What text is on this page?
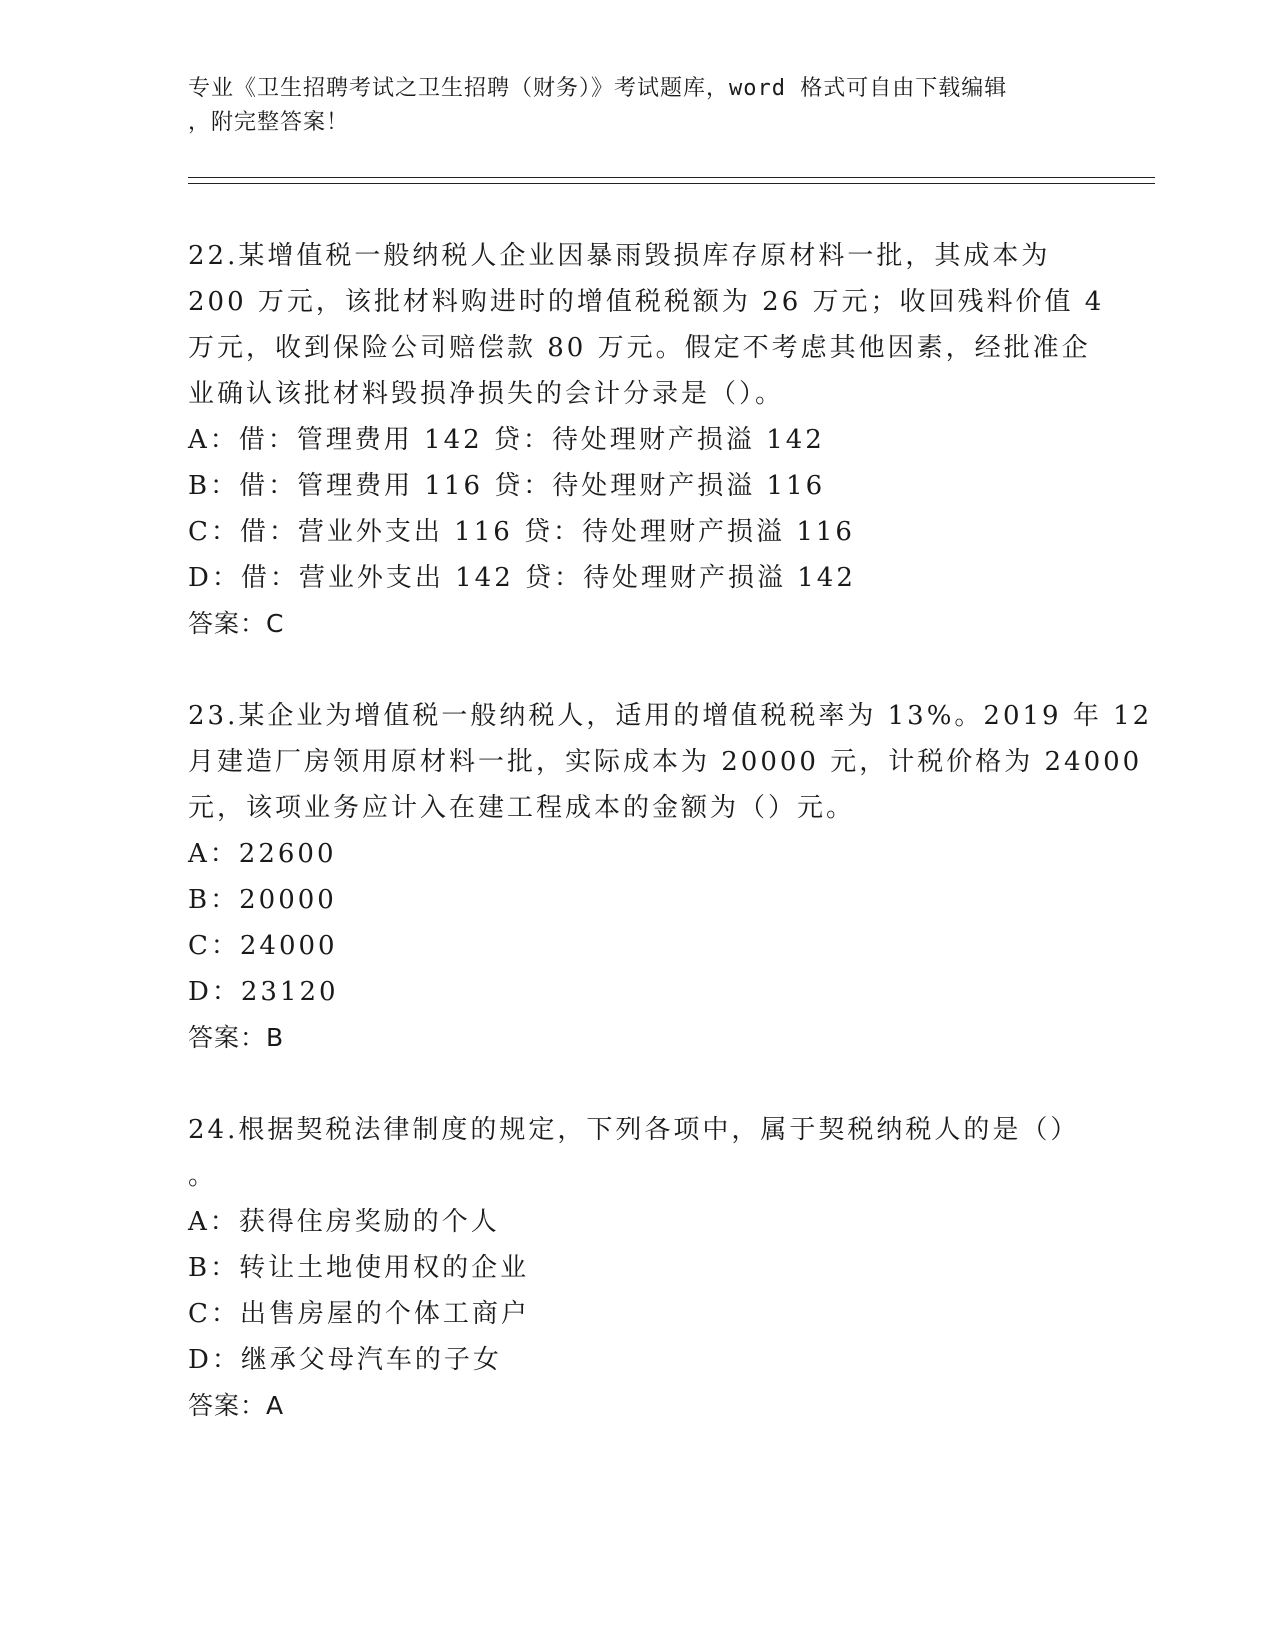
专业《卫生招聘考试之卫生招聘（财务）》考试题库，word 格式可自由下载编辑
，附完整答案！
22.某增值税一般纳税人企业因暴雨毁损库存原材料一批，其成本为
200 万元，该批材料购进时的增值税税额为 26 万元；收回残料价值 4
万元，收到保险公司赔偿款 80 万元。假定不考虑其他因素，经批准企
业确认该批材料毁损净损失的会计分录是（）。
A：借：管理费用 142 贷：待处理财产损溢 142
B：借：管理费用 116 贷：待处理财产损溢 116
C：借：营业外支出 116 贷：待处理财产损溢 116
D：借：营业外支出 142 贷：待处理财产损溢 142
答案：C
23.某企业为增值税一般纳税人，适用的增值税税率为 13%。2019 年 12
月建造厂房领用原材料一批，实际成本为 20000 元，计税价格为 24000
元，该项业务应计入在建工程成本的金额为（）元。
A：22600
B：20000
C：24000
D：23120
答案：B
24.根据契税法律制度的规定，下列各项中，属于契税纳税人的是（）
。
A：获得住房奖励的个人
B：转让土地使用权的企业
C：出售房屋的个体工商户
D：继承父母汽车的子女
答案：A
